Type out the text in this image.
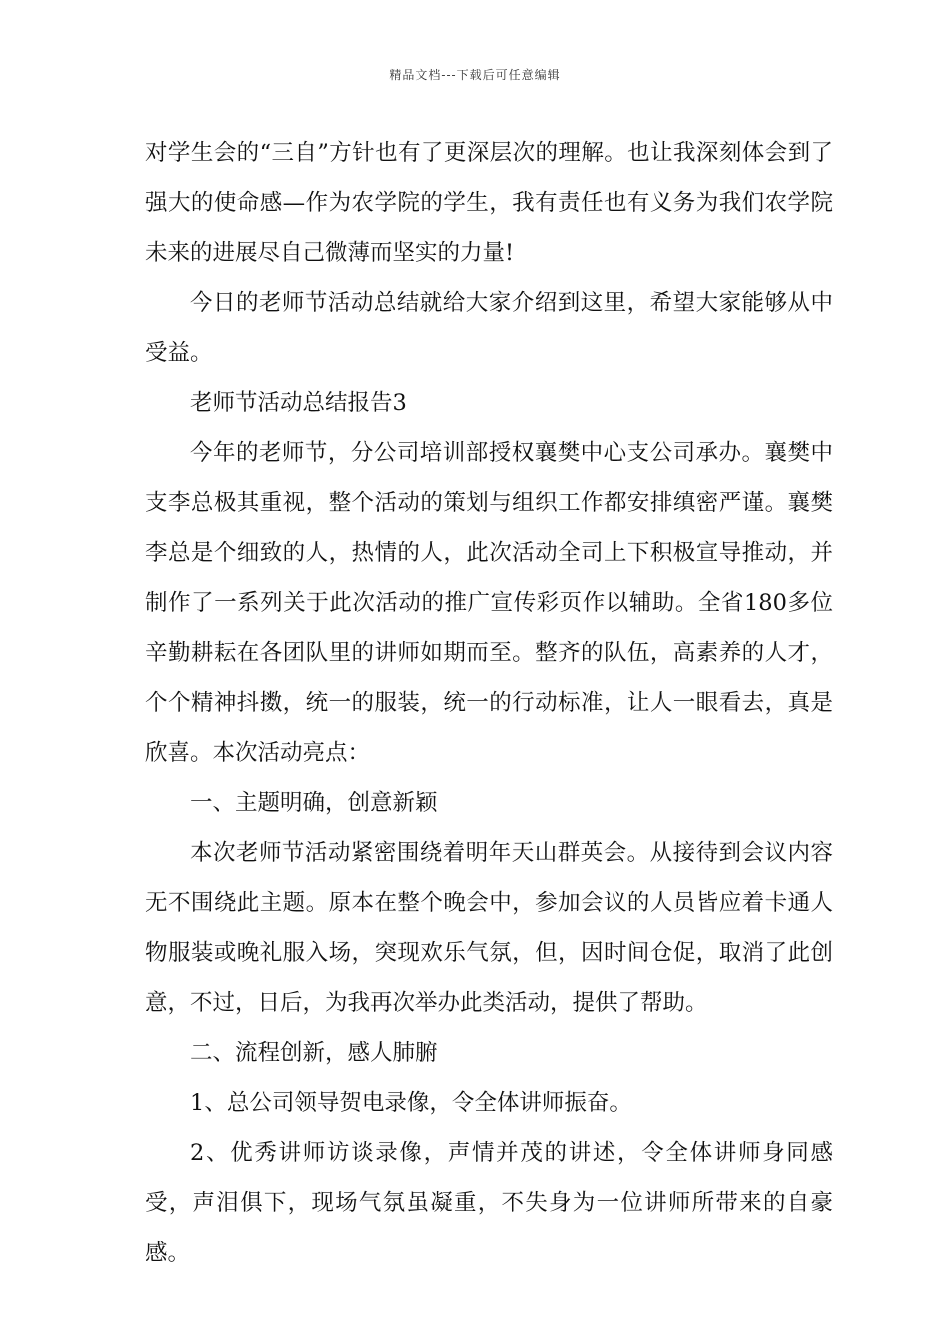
精品文档---下载后可任意编辑

对学生会的“三自”方针也有了更深层次的理解。也让我深刻体会到了强大的使命感—作为农学院的学生，我有责任也有义务为我们农学院未来的进展尽自己微薄而坚实的力量!

今日的老师节活动总结就给大家介绍到这里，希望大家能够从中受益。

老师节活动总结报告3

今年的老师节，分公司培训部授权襄樊中心支公司承办。襄樊中支李总极其重视，整个活动的策划与组织工作都安排缜密严谨。襄樊李总是个细致的人，热情的人，此次活动全司上下积极宣导推动，并制作了一系列关于此次活动的推广宣传彩页作以辅助。全省180多位辛勤耕耘在各团队里的讲师如期而至。整齐的队伍，高素养的人才，个个精神抖擞，统一的服装，统一的行动标准，让人一眼看去，真是欣喜。本次活动亮点：

一、主题明确，创意新颖

本次老师节活动紧密围绕着明年天山群英会。从接待到会议内容无不围绕此主题。原本在整个晚会中，参加会议的人员皆应着卡通人物服装或晚礼服入场，突现欢乐气氛，但，因时间仓促，取消了此创意，不过，日后，为我再次举办此类活动，提供了帮助。

二、流程创新，感人肺腑

1、总公司领导贺电录像，令全体讲师振奋。

2、优秀讲师访谈录像，声情并茂的讲述，令全体讲师身同感受，声泪俱下，现场气氛虽凝重，不失身为一位讲师所带来的自豪感。
